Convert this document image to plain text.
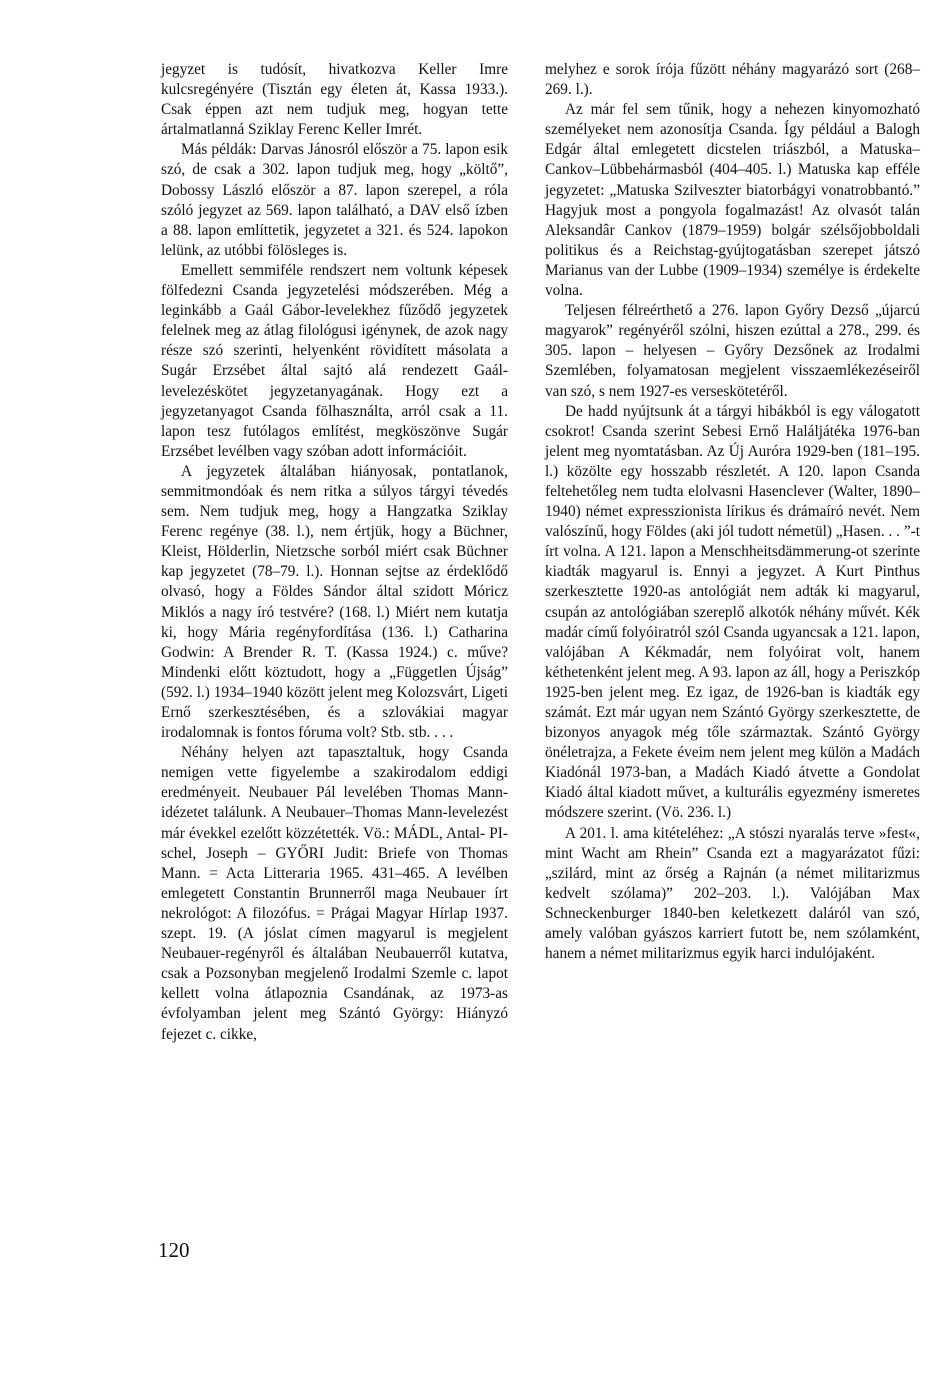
jegyzet is tudósít, hivatkozva Keller Imre kulcsregényére (Tisztán egy életen át, Kassa 1933.). Csak éppen azt nem tudjuk meg, hogyan tette ártalmatlanná Sziklay Ferenc Keller Imrét.

Más példák: Darvas Jánosról először a 75. lapon esik szó, de csak a 302. lapon tudjuk meg, hogy „költő”, Dobossy László először a 87. lapon szerepel, a róla szóló jegyzet az 569. lapon található, a DAV első ízben a 88. lapon említtetik, jegyzetet a 321. és 524. lapokon lelünk, az utóbbi fölösleges is.

Emellett semmiféle rendszert nem voltunk képesek fölfedezni Csanda jegyzetelési módszerében. Még a leginkább a Gaál Gábor-levelekhez fűződő jegyzetek felelnek meg az átlag filológusi igénynek, de azok nagy része szó szerinti, helyenként rövidített másolata a Sugár Erzsébet által sajtó alá rendezett Gaál-levelezéskötet jegyzetanyagának. Hogy ezt a jegyzetanyagot Csanda fölhasználta, arról csak a 11. lapon tesz futólagos említést, megköszönve Sugár Erzsébet levélben vagy szóban adott információit.

A jegyzetek általában hiányosak, pontatlanok, semmitmondóak és nem ritka a súlyos tárgyi tévedés sem. Nem tudjuk meg, hogy a Hangzatka Sziklay Ferenc regénye (38. l.), nem értjük, hogy a Büchner, Kleist, Hölderlin, Nietzsche sorból miért csak Büchner kap jegyzetet (78–79. l.). Honnan sejtse az érdeklődő olvasó, hogy a Földes Sándor által szidott Móricz Miklós a nagy író testvére? (168. l.) Miért nem kutatja ki, hogy Mária regényfordítása (136. l.) Catharina Godwin: A Brender R. T. (Kassa 1924.) c. műve? Mindenki előtt köztudott, hogy a „Független Újság” (592. l.) 1934–1940 között jelent meg Kolozsvárt, Ligeti Ernő szerkesztésében, és a szlovákiai magyar irodalomnak is fontos fóruma volt? Stb. stb. . . .

Néhány helyen azt tapasztaltuk, hogy Csanda nemigen vette figyelembe a szakirodalom eddigi eredményeit. Neubauer Pál levelében Thomas Mann-idézetet találunk. A Neubauer–Thomas Mann-levelezést már évekkel ezelőtt közzétették. Vö.: MÁDL, Antal- PI-schel, Joseph – GYŐRI Judit: Briefe von Thomas Mann. = Acta Litteraria 1965. 431–465. A levélben emlegetett Constantin Brunnerről maga Neubauer írt nekrológot: A filozófus. = Prágai Magyar Hírlap 1937. szept. 19. (A jóslat címen magyarul is megjelent Neubauer-regényről és általában Neubauerről kutatva, csak a Pozsonyban megjelenő Irodalmi Szemle c. lapot kellett volna átlapoznia Csandának, az 1973-as évfolyamban jelent meg Szántó György: Hiányzó fejezet c. cikke,

melyhez e sorok írója fűzött néhány magyarázó sort (268–269. l.).

Az már fel sem tűnik, hogy a nehezen kinyomozható személyeket nem azonosítja Csanda. Így például a Balogh Edgár által emlegetett dicstelen triászból, a Matuska–Cankov–Lübbehármasból (404–405. l.) Matuska kap efféle jegyzetet: „Matuska Szilveszter biatorbágyi vonatrobbantó.” Hagyjuk most a pongyola fogalmazást! Az olvasót talán Aleksandâr Cankov (1879–1959) bolgár szélsőjobboldali politikus és a Reichstag-gyújtogatásban szerepet játszó Marianus van der Lubbe (1909–1934) személye is érdekelte volna.

Teljesen félreérthető a 276. lapon Győry Dezső „újarcú magyarok” regényéről szólni, hiszen ezúttal a 278., 299. és 305. lapon – helyesen – Győry Dezsőnek az Irodalmi Szemlében, folyamatosan megjelent visszaemlékezéseiről van szó, s nem 1927-es verseskötetéről.

De hadd nyújtsunk át a tárgyi hibákból is egy válogatott csokrot! Csanda szerint Sebesi Ernő Haláljátéka 1976-ban jelent meg nyomtatásban. Az Új Auróra 1929-ben (181–195. l.) közölte egy hosszabb részletét. A 120. lapon Csanda feltehetőleg nem tudta elolvasni Hasenclever (Walter, 1890–1940) német expresszionista lírikus és drámaíró nevét. Nem valószínű, hogy Földes (aki jól tudott németül) „Hasen. . . ”-t írt volna. A 121. lapon a Menschheitsdämmerung-ot szerinte kiadták magyarul is. Ennyi a jegyzet. A Kurt Pinthus szerkesztette 1920-as antológiát nem adták ki magyarul, csupán az antológiában szereplő alkotók néhány művét. Kék madár című folyóiratról szól Csanda ugyancsak a 121. lapon, valójában A Kékmadár, nem folyóirat volt, hanem kéthetenként jelent meg. A 93. lapon az áll, hogy a Periszkóp 1925-ben jelent meg. Ez igaz, de 1926-ban is kiadták egy számát. Ezt már ugyan nem Szántó György szerkesztette, de bizonyos anyagok még tőle származtak. Szántó György önéletrajza, a Fekete éveim nem jelent meg külön a Madách Kiadónál 1973-ban, a Madách Kiadó átvette a Gondolat Kiadó által kiadott művet, a kulturális egyezmény ismeretes módszere szerint. (Vö. 236. l.)

A 201. l. ama kitételéhez: „A stószi nyaralás terve »fest«, mint Wacht am Rhein” Csanda ezt a magyarázatot fűzi: „szilárd, mint az őrség a Rajnán (a német militarizmus kedvelt szólama)” 202–203. l.). Valójában Max Schneckenburger 1840-ben keletkezett daláról van szó, amely valóban gyászos karriert futott be, nem szólamként, hanem a német militarizmus egyik harci indulójaként.

120
